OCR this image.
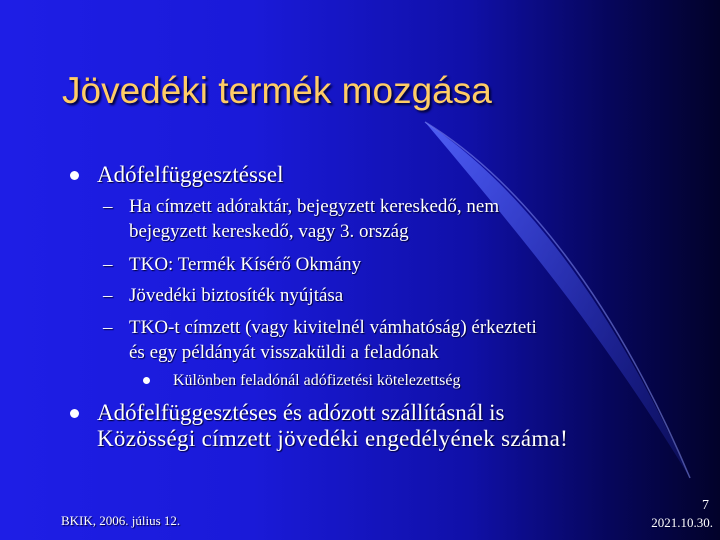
Jövedéki termék mozgása
Adófelfüggesztéssel
– Ha címzett adóraktár, bejegyzett kereskedő, nem
bejegyzett kereskedő, vagy 3. ország
– TKO: Termék Kísérő Okmány
– Jövedéki biztosíték nyújtása
– TKO-t címzett (vagy kivitelnél vámhatóság) érkezteti
és egy példányát visszaküldi a feladónak
Különben feladónál adófizetési kötelezettség
Adófelfüggesztéses és adózott szállításnál is
Közösségi címzett jövedéki engedélyének száma!
BKIK, 2006. július 12.
7
2021.10.30.
